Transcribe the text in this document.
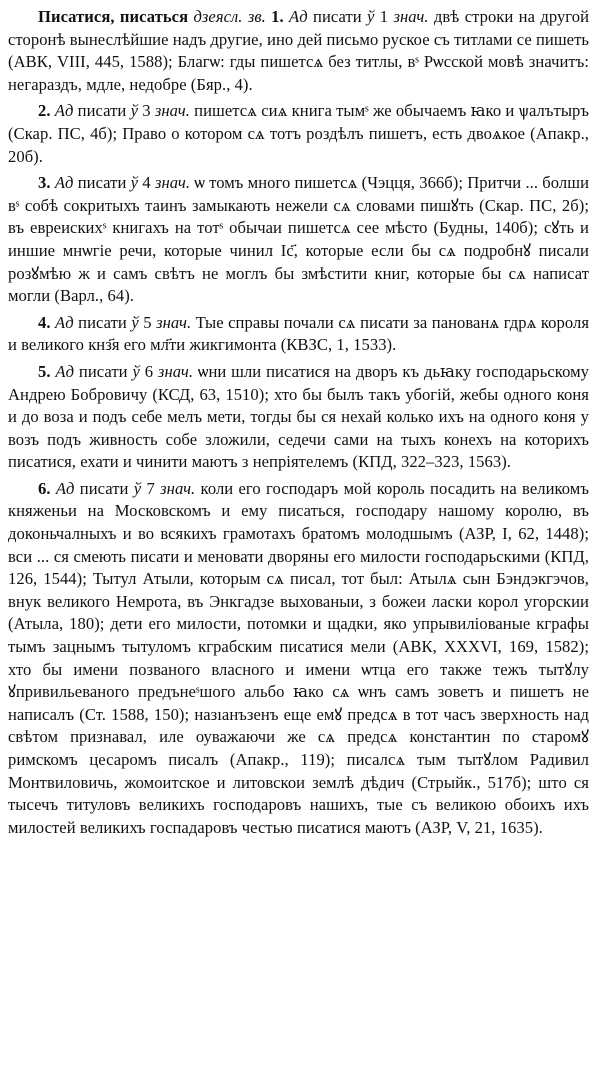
Писатися, писаться дзеясл. зв. 1. Ад писати ў 1 знач. двѣ строки на другой сторонѣ вынеслѣйшие надъ другие, ино дей письмо руское съ титлами се пишеть (АВК, VIII, 445, 1588); Благѡ: гды пишетсѧ без титлы, вˢ Рѡсской мовѣ значитъ: негараздъ, мдле, недобре (Бяр., 4).

2. Ад писати ў 3 знач. пишетсѧ сиѧ книга тымˢ же обычаемъ ꙗко и ѱалътыръ (Скар. ПС, 4б); Право о котором сѧ тотъ роздѣлъ пишетъ, есть двоѧкое (Апакр., 20б).

3. Ад писати ў 4 знач. ѡ томъ много пишетсѧ (Чэцця, 366б); Притчи ... болши вˢ собѣ сокритыхъ таинъ замыкають нежели сѧ словами пишꙋть (Скар. ПС, 2б); въ евреискихˢ книгахъ на тотˢ обычаи пишетсѧ сее мѣсто (Будны, 140б); сꙋть и иншие мнѡгіе речи, которые чинил Іс҃, которые если бы сѧ подробнꙋ писали розꙋмѣю ж и самъ свѣтъ не моглъ бы змѣстити книг, которые бы сѧ написат могли (Варл., 64).

4. Ад писати ў 5 знач. Тые справы почали сѧ писати за панованѧ гдрѧ короля и великого кнз҃я его мл҃ти жикгимонта (КВЗС, 1, 1533).

5. Ад писати ў 6 знач. ѡни шли писатися на дворъ къ дьꙗку господарьскому Андрею Бобровичу (КСД, 63, 1510); хто бы былъ такъ убогій, жебы одного коня и до воза и подъ себе мелъ мети, тогды бы ся нехай колько ихъ на одного коня у возъ подъ живность собе зложили, седечи сами на тыхъ конехъ на которихъ писатися, ехати и чинити маютъ з непріятелемъ (КПД, 322–323, 1563).

6. Ад писати ў 7 знач. коли его господаръ мой король посадить на великомъ княженьи на Московскомъ и ему писаться, господару нашому королю, въ доконьчалныхъ и во всякихъ грамотахъ братомъ молодшымъ (АЗР, I, 62, 1448); вси ... ся смеють писати и меновати дворяны его милости господарьскими (КПД, 126, 1544); Тытул Атыли, которым сѧ писал, тот был: Атылѧ сын Бэндэкгэчов, внук великого Немрота, въ Энкгадзе выхованыи, з божеи ласки корол угорскии (Атыла, 180); дети его милости, потомки и щадки, яко упрывилiованые кграфы тымъ зацнымъ тытуломъ кграбским писатися мели (АВК, XXXVI, 169, 1582); хто бы имени позваного власного и имени ѡтца его также тежъ тытꙋлу ꙋпривильеваного предънеˢшого альбо ꙗко сѧ ѡнъ самъ зоветъ и пишетъ не написалъ (Ст. 1588, 150); назıанъзенъ еще емꙋ предсѧ в тот часъ зверхность над свѣтом признавал, иле оуважаючи же сѧ предсѧ константин по старомꙋ римскомъ цесаромъ писалъ (Апакр., 119); писалсѧ тым тытꙋлом Радивил Монтвиловичь, жомоитское и литовскои землѣ дѣдич (Стрыйк., 517б); штo ся тысечъ титуловъ великихъ господаровъ нашихъ, тые съ великою обоихъ ихъ милостей великихъ госпадаровъ честью писатися маютъ (АЗР, V, 21, 1635).
